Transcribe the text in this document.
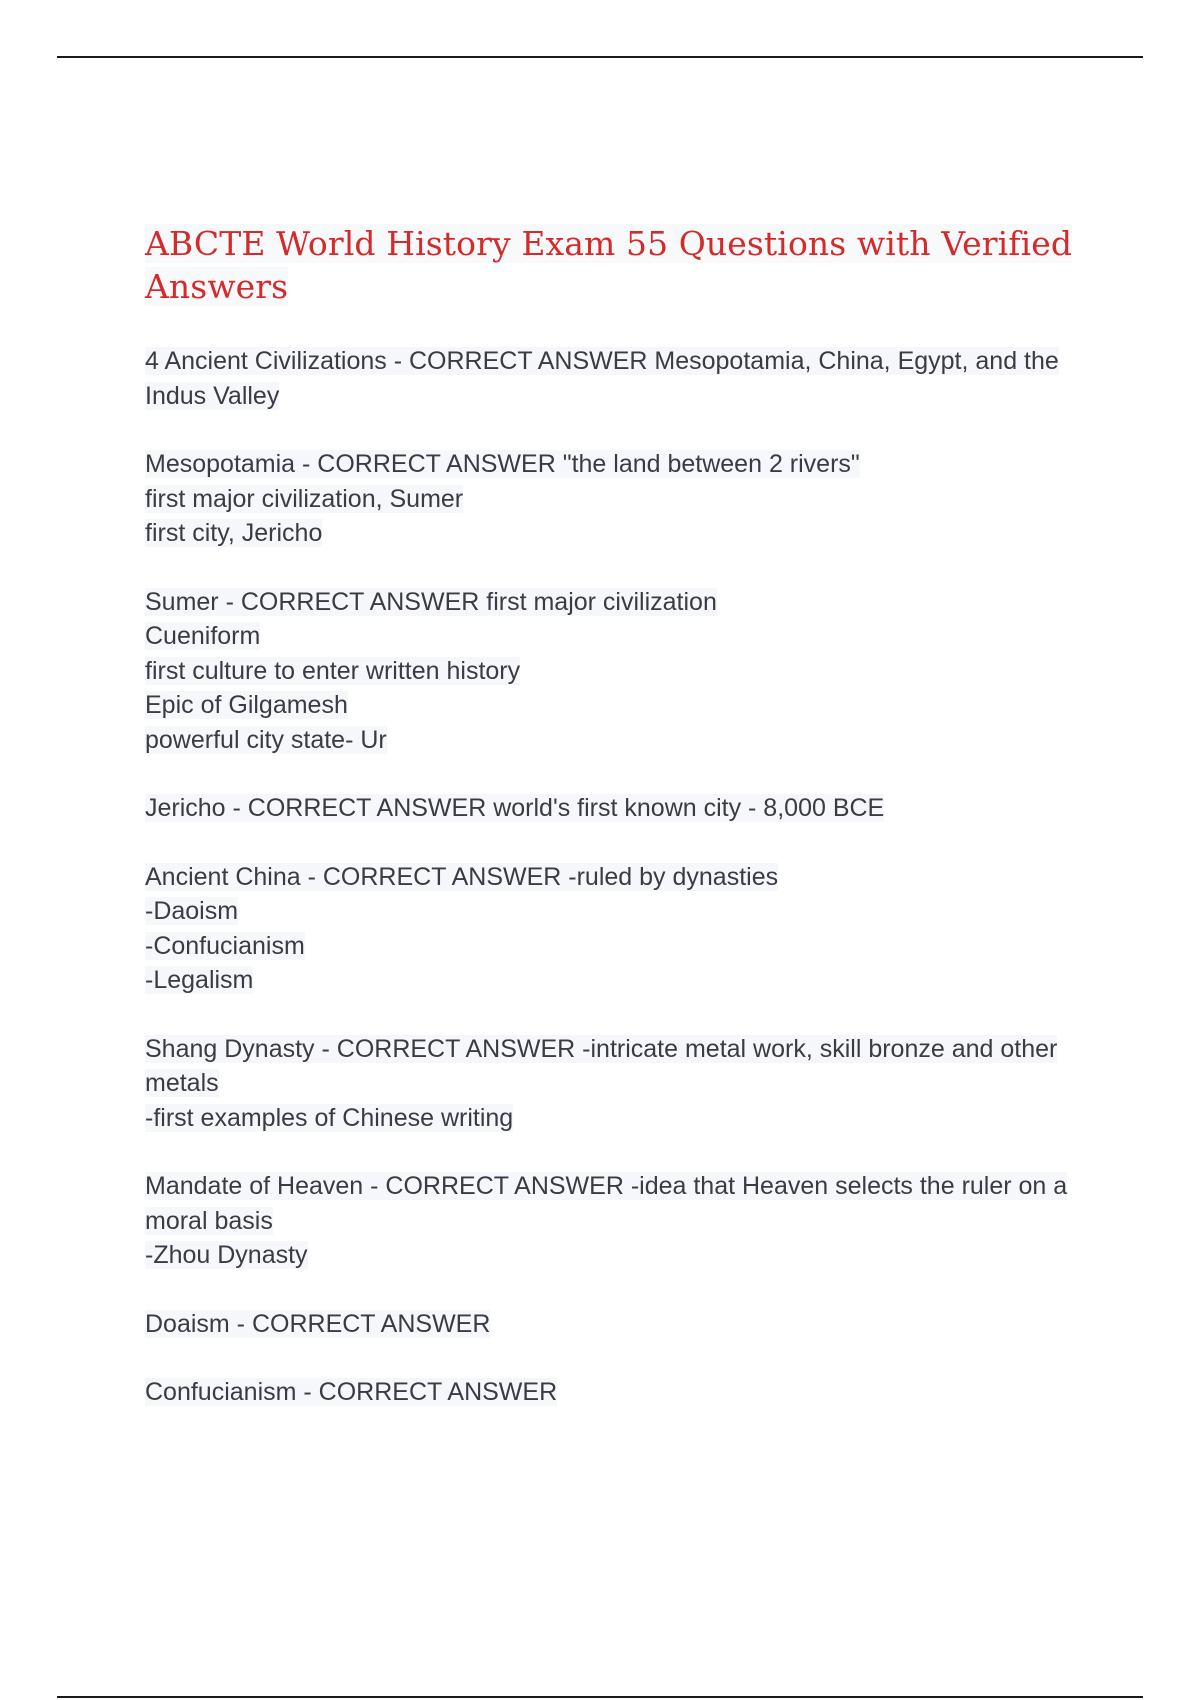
ABCTE World History Exam 55 Questions with Verified Answers
4 Ancient Civilizations - CORRECT ANSWER Mesopotamia, China, Egypt, and the
Indus Valley
Mesopotamia - CORRECT ANSWER "the land between 2 rivers"
first major civilization, Sumer
first city, Jericho
Sumer - CORRECT ANSWER first major civilization
Cueniform
first culture to enter written history
Epic of Gilgamesh
powerful city state- Ur
Jericho - CORRECT ANSWER world's first known city - 8,000 BCE
Ancient China - CORRECT ANSWER -ruled by dynasties
-Daoism
-Confucianism
-Legalism
Shang Dynasty - CORRECT ANSWER -intricate metal work, skill bronze and other
metals
-first examples of Chinese writing
Mandate of Heaven - CORRECT ANSWER -idea that Heaven selects the ruler on a
moral basis
-Zhou Dynasty
Doaism - CORRECT ANSWER
Confucianism - CORRECT ANSWER
